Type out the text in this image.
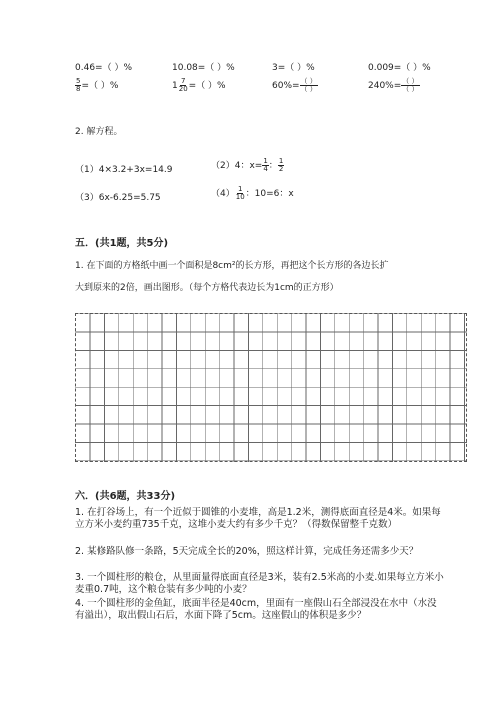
0.46=（ ）%	10.08=（ ）%	3=（ ）%	0.009=（ ）%
$\frac{5}{8}$ =（ ）%	$1 \frac{7}{20}$ =（ ）%	$60\%= \frac{( )}{( )}$	$240\%= \frac{( )}{( )}$
2. 解方程。
（1）4×3.2+3x=14.9	（2）4：$x= \frac{1}{4}$ ： $\frac{1}{2}$
（3）6x-6.25=5.75	$(4) \frac{1}{10}$ ：10=6：x
五．(共1题，共5分)
1. 在下面的方格纸中画一个面积是8cm²的长方形，再把这个长方形的各边长扩
大到原来的2倍，画出图形。（每个方格代表边长为1cm的正方形）
六．(共6题，共33分)
1. 在打谷场上，有一个近似于圆锥的小麦堆，高是1.2米，测得底面直径是4米。如果每立方米小麦约重735千克，这堆小麦大约有多少千克？（得数保留整千克数）
2. 某修路队修一条路，5天完成全长的20%，照这样计算，完成任务还需多少天？
3. 一个圆柱形的粮仓，从里面量得底面直径是3米，装有2.5米高的小麦.如果每立方米小麦重0.7吨，这个粮仓装有多少吨的小麦？
4. 一个圆柱形的金鱼缸，底面半径是40cm，里面有一座假山石全部浸没在水中（水没有溢出），取出假山石后，水面下降了5cm。这座假山的体积是多少？
